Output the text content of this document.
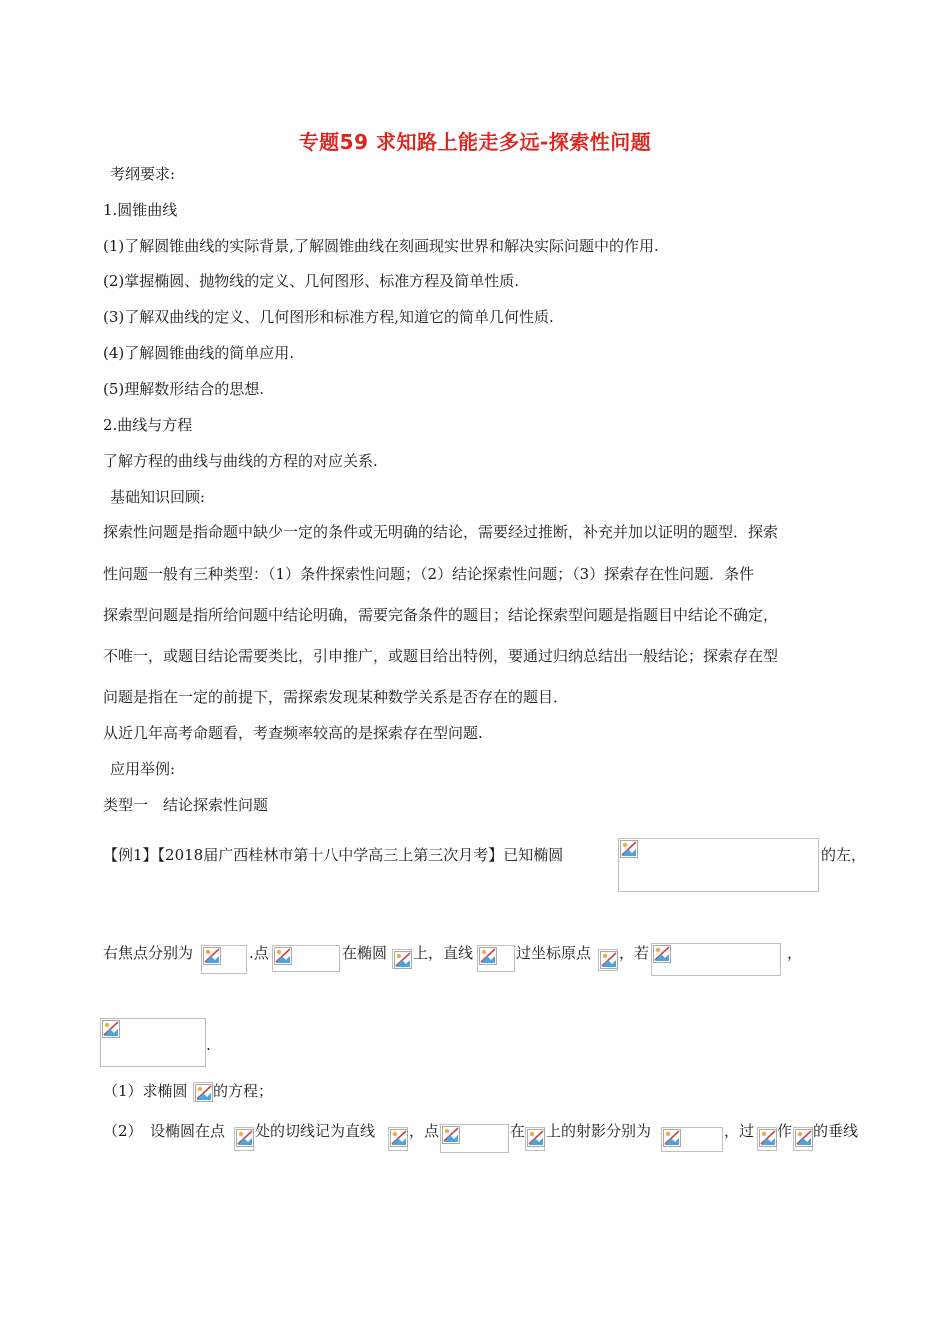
专题59 求知路上能走多远-探索性问题
考纲要求:
1.圆锥曲线
(1)了解圆锥曲线的实际背景,了解圆锥曲线在刻画现实世界和解决实际问题中的作用.
(2)掌握椭圆、抛物线的定义、几何图形、标准方程及简单性质.
(3)了解双曲线的定义、几何图形和标准方程,知道它的简单几何性质.
(4)了解圆锥曲线的简单应用.
(5)理解数形结合的思想.
2.曲线与方程
了解方程的曲线与曲线的方程的对应关系.
基础知识回顾:
探索性问题是指命题中缺少一定的条件或无明确的结论，需要经过推断，补充并加以证明的题型．探索
性问题一般有三种类型：（1）条件探索性问题；（2）结论探索性问题；（3）探索存在性问题．条件
探索型问题是指所给问题中结论明确，需要完备条件的题目；结论探索型问题是指题目中结论不确定，
不唯一，或题目结论需要类比，引申推广，或题目给出特例，要通过归纳总结出一般结论；探索存在型
问题是指在一定的前提下，需探索发现某种数学关系是否存在的题目．
从近几年高考命题看，考查频率较高的是探索存在型问题.
应用举例:
类型一　结论探索性问题
【例1】【2018届广西桂林市第十八中学高三上第三次月考】已知椭圆	的左，
右焦点分别为	.点	在椭圆 上，直线	过坐标原点 ，若	，
.
（1）求椭圆 的方程；
（2）　设椭圆在点 处的切线记为直线 ，点	在 上的射影分别为	，过 作 的垂线
